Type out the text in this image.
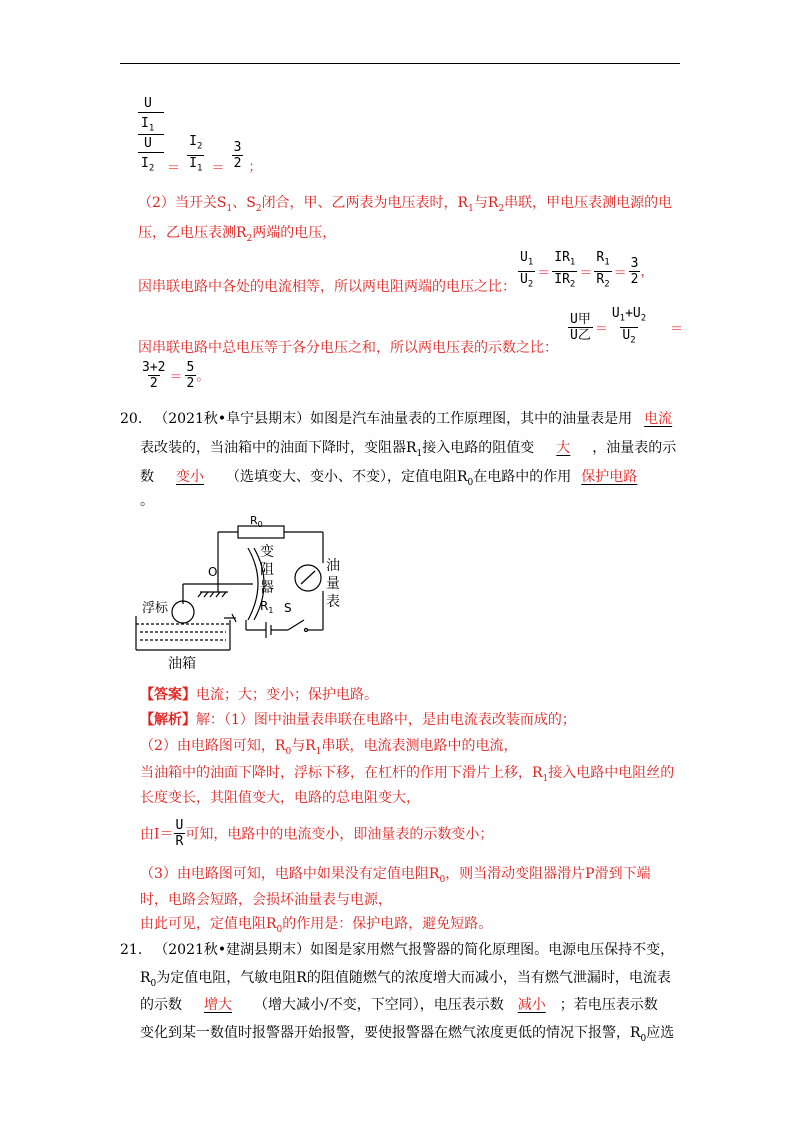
U
$I_1$
U
$I_2$ $_= \frac{I_2}{I_1} _= \frac{3}{2} _;$
（2）当开关$S_1$、$S_2$闭合，甲、乙两表为电压表时，$R_1$与$R_2$串联，甲电压表测电源的电
压，乙电压表测$R_2$两端的电压，
因串联电路中各处的电流相等，所以两电阻两端的电压之比： $\frac{U_1}{U_2} = \frac{IR_1}{IR_2} = \frac{R_1}{R_2} = \frac{3}{2}$ ，
因串联电路中总电压等于各分电压之和，所以两电压表的示数之比：
$\frac{\text{U甲}}{\text{U乙}} = \frac{U_1+U_2}{U_2}$ ＝
$\frac{3+2}{2} = \frac{5}{2}$ 。
20. （2021秋•阜宁县期末）如图是汽车油量表的工作原理图，其中的油量表是用 电流
表改装的，当油箱中的油面下降时，变阻器$R_1$接入电路的阻值变 大 ，油量表的示
数 变小 （选填变大、变小、不变），定值电阻$R_0$在电路中的作用 保护电路
。
$R_0$
O
变
阻
器
$R_1$ S
油
量
表
浮标
油箱
【答案】电流；大；变小；保护电路。
【解析】解：（1）图中油量表串联在电路中，是由电流表改装而成的；
（2）由电路图可知，$R_0$与$R_1$串联，电流表测电路中的电流，
当油箱中的油面下降时，浮标下移，在杠杆的作用下滑片上移，$R_1$接入电路中电阻丝的
长度变长，其阻值变大，电路的总电阻变大，
由$I= \frac{U}{R}$ 可知，电路中的电流变小，即油量表的示数变小；
（3）由电路图可知，电路中如果没有定值电阻$R_0$，则当滑动变阻器滑片P滑到下端
时，电路会短路，会损坏油量表与电源，
由此可见，定值电阻$R_0$的作用是：保护电路，避免短路。
21. （2021秋•建湖县期末）如图是家用燃气报警器的简化原理图。电源电压保持不变，
$R_0$为定值电阻，气敏电阻R的阻值随燃气的浓度增大而减小，当有燃气泄漏时，电流表
的示数 增大 （增大减小/不变，下空同），电压表示数 减小 ；若电压表示数
变化到某一数值时报警器开始报警，要使报警器在燃气浓度更低的情况下报警，$R_0$应选
